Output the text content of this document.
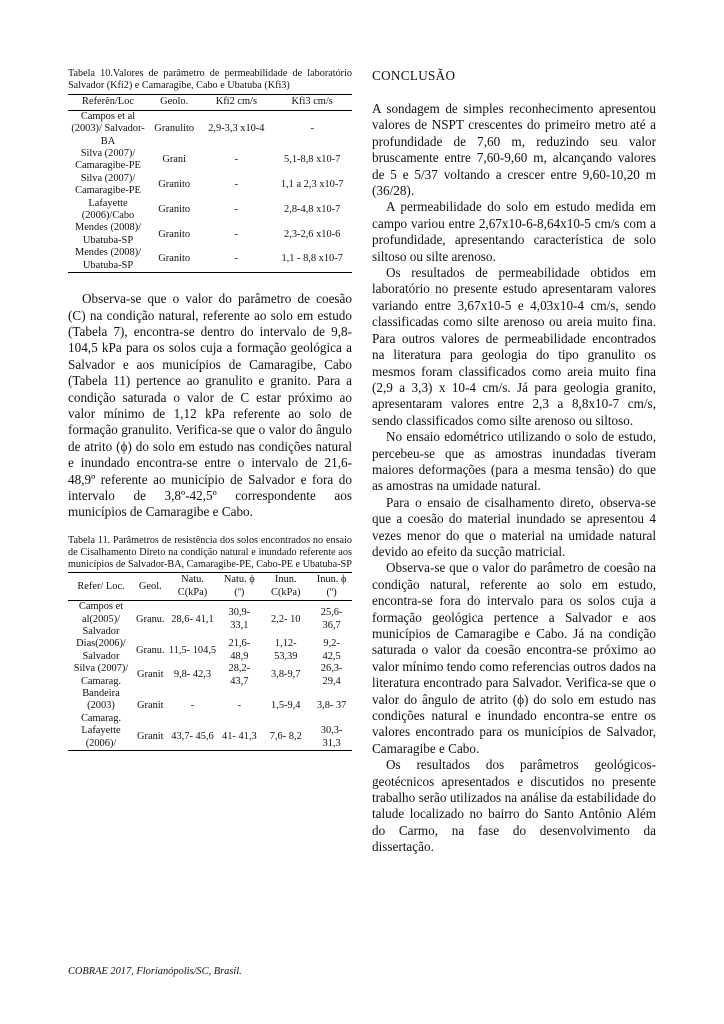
Tabela 10.Valores de parâmetro de permeabilidade de laboratório Salvador (Kfi2) e Camaragibe, Cabo e Ubatuba (Kfi3)
Referên/Loc	Geolo.	Kfi2 cm/s	Kfi3 cm/s
Campos et al (2003)/ Salvador-BA	Granulito	2,9-3,3 x10-4	-
Silva (2007)/ Camaragibe-PE	Grani	-	5,1-8,8 x10-7
Silva (2007)/ Camaragibe-PE	Granito	-	1,1 a 2,3 x10-7
Lafayette (2006)/Cabo	Granito	-	2,8-4,8 x10-7
Mendes (2008)/ Ubatuba-SP	Granito	-	2,3-2,6 x10-6
Mendes (2008)/ Ubatuba-SP	Granito	-	1,1 - 8,8 x10-7

Observa-se que o valor do parâmetro de coesão (C) na condição natural, referente ao solo em estudo (Tabela 7), encontra-se dentro do intervalo de 9,8-104,5 kPa para os solos cuja a formação geológica a Salvador e aos municípios de Camaragibe, Cabo (Tabela 11) pertence ao granulito e granito. Para a condição saturada o valor de C estar próximo ao valor mínimo de 1,12 kPa referente ao solo de formação granulito. Verifica-se que o valor do ângulo de atrito (ϕ) do solo em estudo nas condições natural e inundado encontra-se entre o intervalo de 21,6-48,9º referente ao município de Salvador e fora do intervalo de 3,8º-42,5º correspondente aos municípios de Camaragibe e Cabo.

Tabela 11. Parâmetros de resistência dos solos encontrados no ensaio de Cisalhamento Direto na condição natural e inundado referente aos municípios de Salvador-BA, Camaragibe-PE, Cabo-PE e Ubatuba-SP
Refer/ Loc.	Geol.	Natu. C(kPa)	Natu. ϕ (º)	Inun. C(kPa)	Inun. ϕ (º)
Campos et al(2005)/ Salvador	Granu.	28,6- 41,1	30,9- 33,1	2,2- 10	25,6- 36,7
Dias(2006)/ Salvador	Granu.	11,5- 104,5	21,6- 48,9	1,12- 53,39	9,2- 42,5
Silva (2007)/ Camarag.	Granit	9,8- 42,3	28,2- 43,7	3,8-9,7	26,3- 29,4
Bandeira (2003) Camarag.	Granit	-	-	1,5-9,4	3,8- 37
Lafayette (2006)/	Granit	43,7- 45,6	41- 41,3	7,6- 8,2	30,3- 31,3
CONCLUSÃO

A sondagem de simples reconhecimento apresentou valores de NSPT crescentes do primeiro metro até a profundidade de 7,60 m, reduzindo seu valor bruscamente entre 7,60-9,60 m, alcançando valores de 5 e 5/37 voltando a crescer entre 9,60-10,20 m (36/28).

A permeabilidade do solo em estudo medida em campo variou entre 2,67x10-6-8,64x10-5 cm/s com a profundidade, apresentando característica de solo siltoso ou silte arenoso.

Os resultados de permeabilidade obtidos em laboratório no presente estudo apresentaram valores variando entre 3,67x10-5 e 4,03x10-4 cm/s, sendo classificadas como silte arenoso ou areia muito fina. Para outros valores de permeabilidade encontrados na literatura para geologia do tipo granulito os mesmos foram classificados como areia muito fina (2,9 a 3,3) x 10-4 cm/s. Já para geologia granito, apresentaram valores entre 2,3 a 8,8x10-7 cm/s, sendo classificados como silte arenoso ou siltoso.

No ensaio edométrico utilizando o solo de estudo, percebeu-se que as amostras inundadas tiveram maiores deformações (para a mesma tensão) do que as amostras na umidade natural.

Para o ensaio de cisalhamento direto, observa-se que a coesão do material inundado se apresentou 4 vezes menor do que o material na umidade natural devido ao efeito da sucção matricial.

Observa-se que o valor do parâmetro de coesão na condição natural, referente ao solo em estudo, encontra-se fora do intervalo para os solos cuja a formação geológica pertence a Salvador e aos municípios de Camaragibe e Cabo. Já na condição saturada o valor da coesão encontra-se próximo ao valor mínimo tendo como referencias outros dados na literatura encontrado para Salvador. Verifica-se que o valor do ângulo de atrito (ϕ) do solo em estudo nas condições natural e inundado encontra-se entre os valores encontrado para os municípios de Salvador, Camaragibe e Cabo.

Os resultados dos parâmetros geológicos-geotécnicos apresentados e discutidos no presente trabalho serão utilizados na análise da estabilidade do talude localizado no bairro do Santo Antônio Além do Carmo, na fase do desenvolvimento da dissertação.

COBRAE 2017, Florianópolis/SC, Brasil.
